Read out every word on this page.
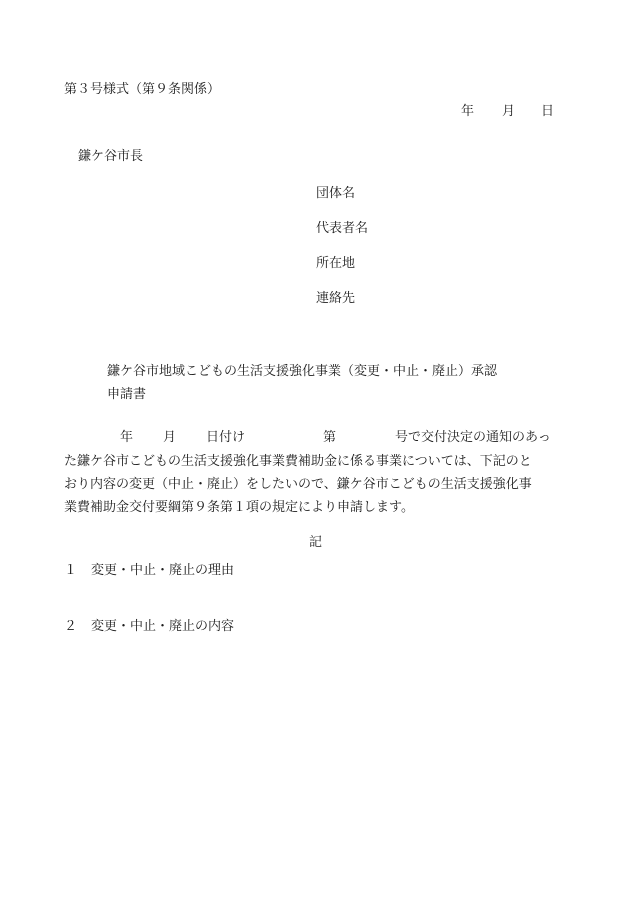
第３号様式（第９条関係）
年 月 日
鎌ケ谷市長
団体名
代表者名
所在地
連絡先
鎌ケ谷市地域こどもの生活支援強化事業（変更・中止・廃止）承認
申請書
年 月 日付け	第	号で交付決定の通知のあっ
た鎌ケ谷市こどもの生活支援強化事業費補助金に係る事業については、下記のと
おり内容の変更（中止・廃止）をしたいので、鎌ケ谷市こどもの生活支援強化事
業費補助金交付要綱第９条第１項の規定により申請します。
記
１ 変更・中止・廃止の理由
２ 変更・中止・廃止の内容
